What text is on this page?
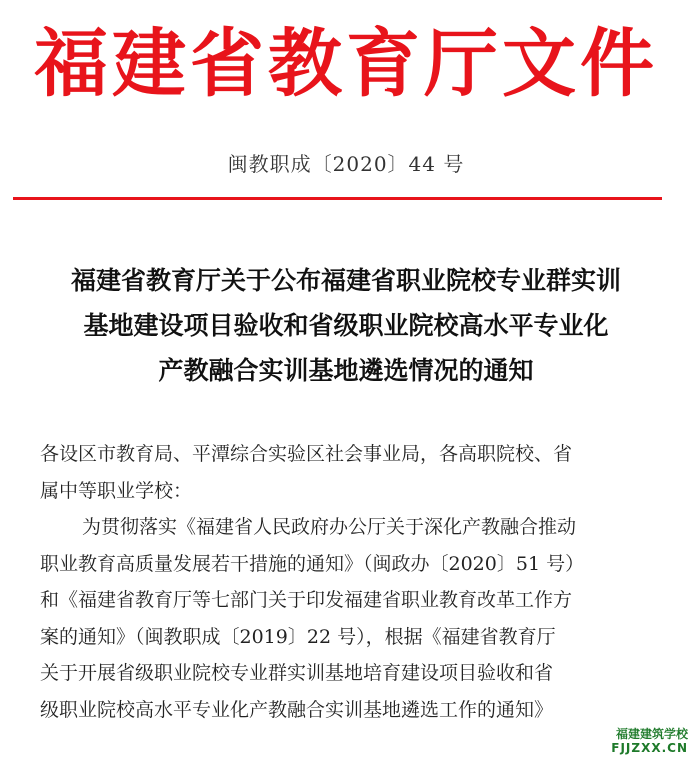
福建省教育厅文件
闽教职成〔2020〕44 号
福建省教育厅关于公布福建省职业院校专业群实训
基地建设项目验收和省级职业院校高水平专业化
产教融合实训基地遴选情况的通知
各设区市教育局、平潭综合实验区社会事业局，各高职院校、省
属中等职业学校：
为贯彻落实《福建省人民政府办公厅关于深化产教融合推动
职业教育高质量发展若干措施的通知》（闽政办〔2020〕51 号）
和《福建省教育厅等七部门关于印发福建省职业教育改革工作方
案的通知》（闽教职成〔2019〕22 号），根据《福建省教育厅
关于开展省级职业院校专业群实训基地培育建设项目验收和省
级职业院校高水平专业化产教融合实训基地遴选工作的通知》
福建建筑学校
FJJZXX.CN
